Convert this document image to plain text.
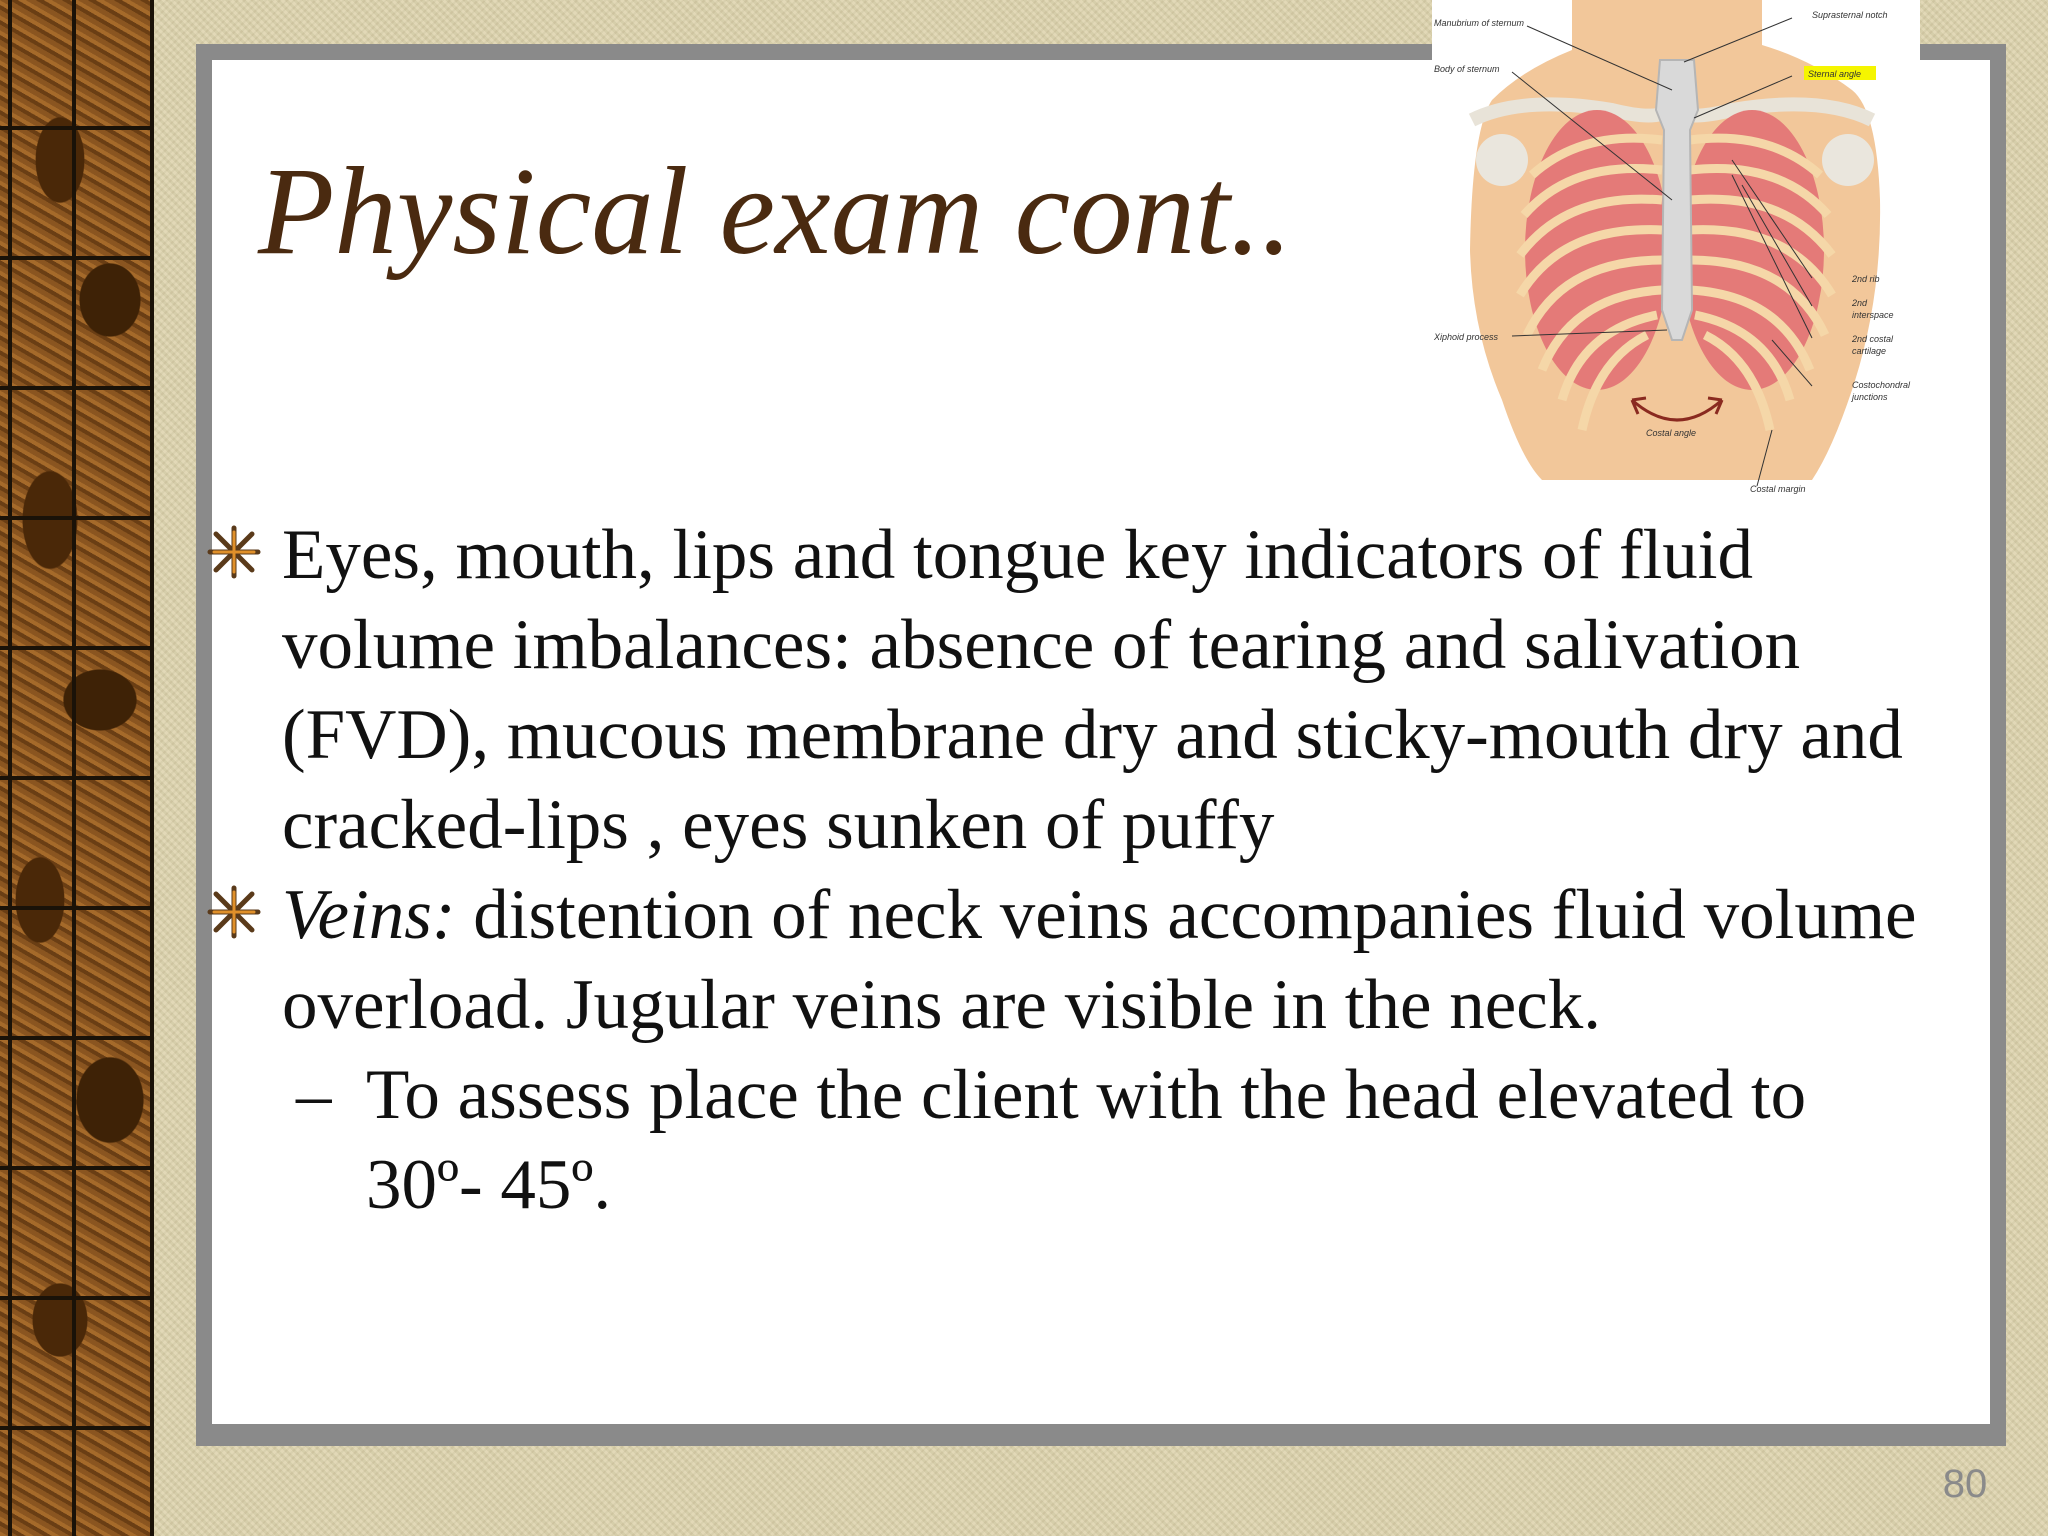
Physical exam cont..
Manubrium of sternum
Suprasternal notch
Body of sternum	Sternal angle
2nd rib
2nd
interspace
2nd costal
cartilage
Xiphoid process
Costochondral
junctions
Costal angle
Costal margin
Eyes, mouth, lips and tongue key indicators of fluid volume imbalances: absence of tearing and salivation (FVD), mucous membrane dry and sticky-mouth dry and cracked-lips , eyes sunken of puffy
Veins: distention of neck veins accompanies fluid volume overload. Jugular veins are visible in the neck.
– To assess place the client with the head elevated to 30º- 45º.
80
